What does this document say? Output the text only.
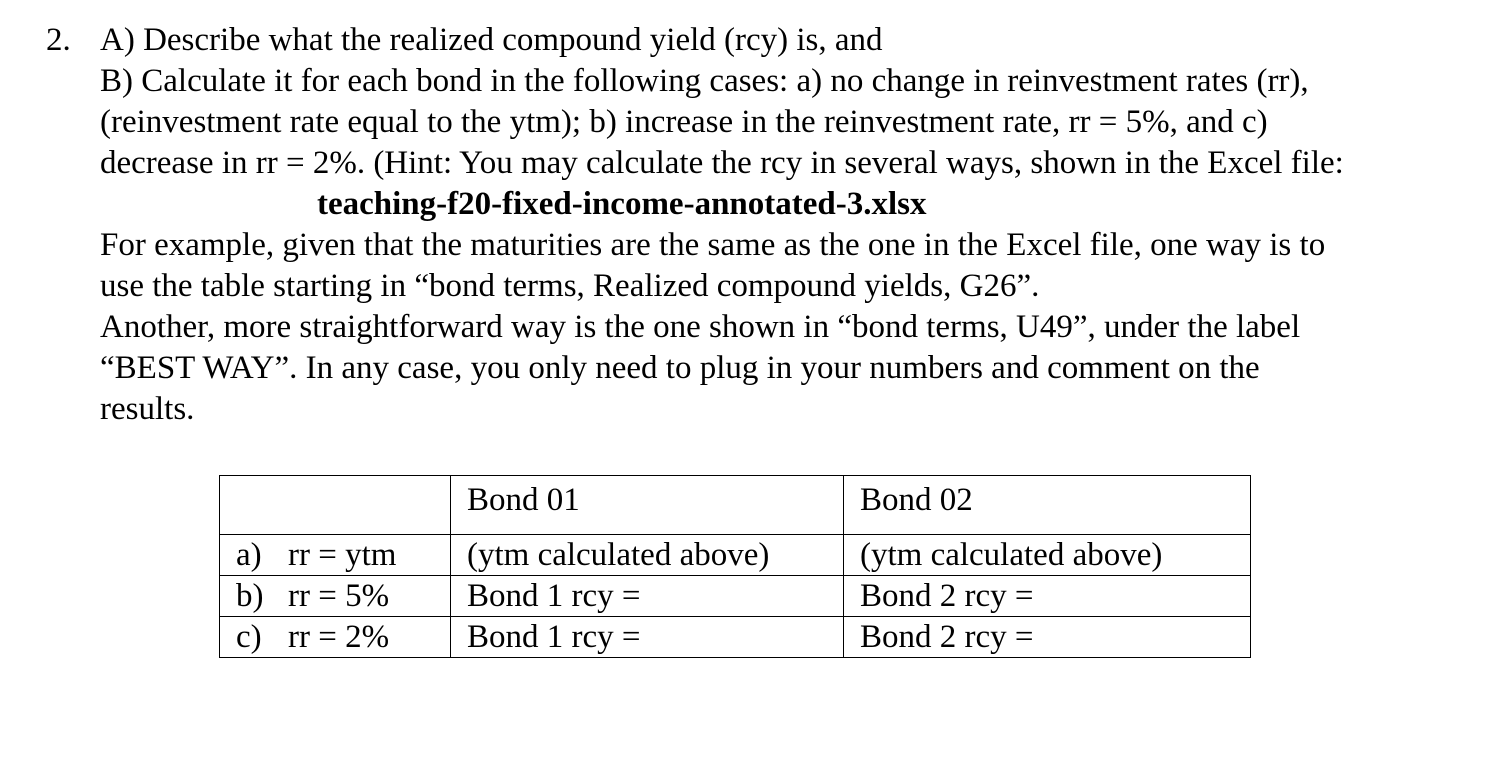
2. A) Describe what the realized compound yield (rcy) is, and

B) Calculate it for each bond in the following cases: a) no change in reinvestment rates (rr),

(reinvestment rate equal to the ytm); b) increase in the reinvestment rate, rr = 5%, and c)

decrease in rr = 2%. (Hint: You may calculate the rcy in several ways, shown in the Excel file:

teaching-f20-fixed-income-annotated-3.xlsx

For example, given that the maturities are the same as the one in the Excel file, one way is to

use the table starting in “bond terms, Realized compound yields, G26”.

Another, more straightforward way is the one shown in “bond terms, U49”, under the label

“BEST WAY”. In any case, you only need to plug in your numbers and comment on the

results.

	Bond 01	Bond 02
a) rr = ytm	(ytm calculated above)	(ytm calculated above)
b) rr = 5%	Bond 1 rcy =	Bond 2 rcy =
c) rr = 2%	Bond 1 rcy =	Bond 2 rcy =
